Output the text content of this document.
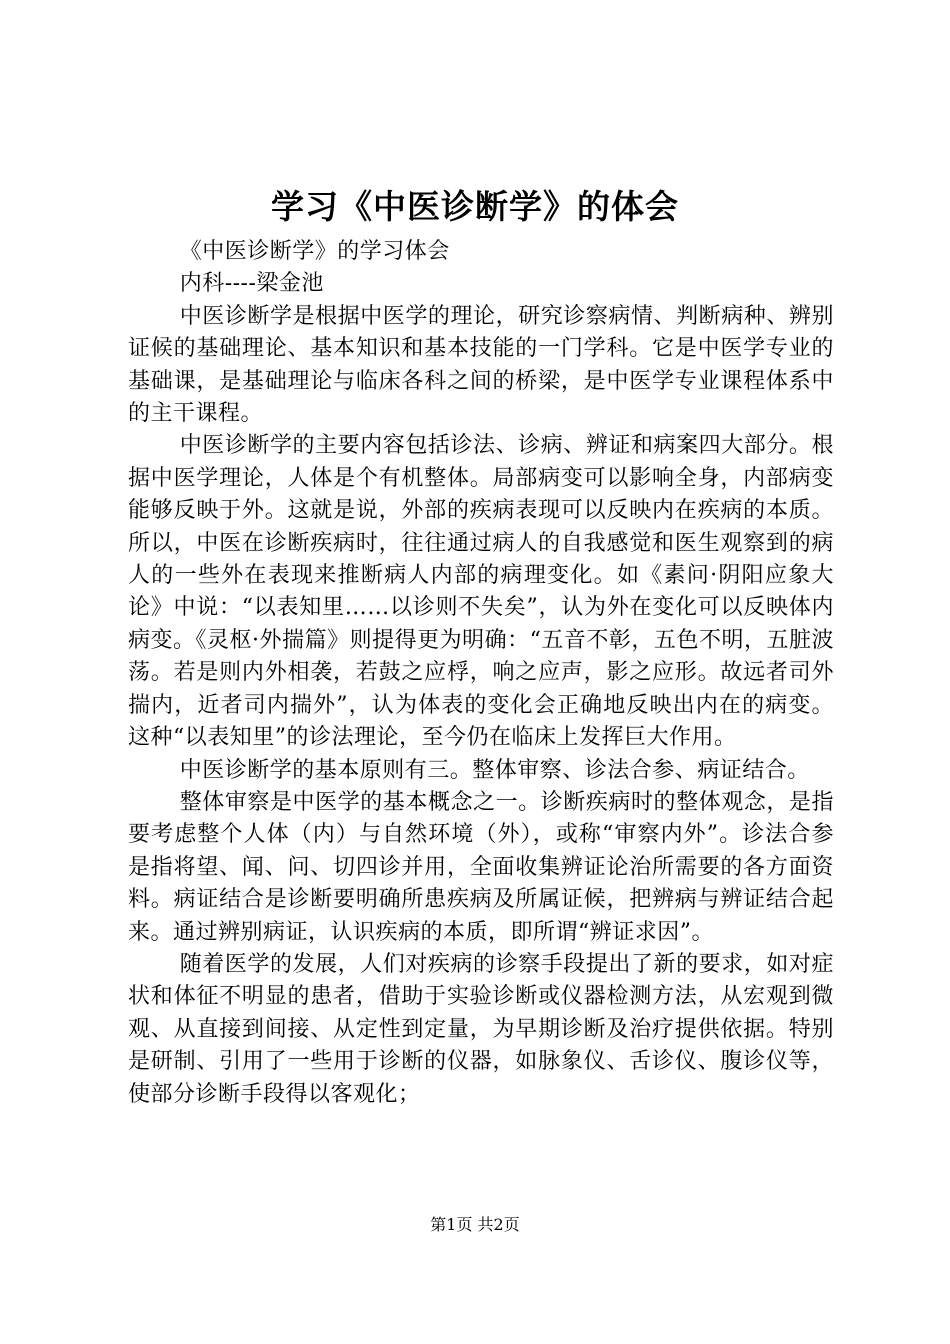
学习《中医诊断学》的体会

《中医诊断学》的学习体会

内科----梁金池

中医诊断学是根据中医学的理论，研究诊察病情、判断病种、辨别证候的基础理论、基本知识和基本技能的一门学科。它是中医学专业的基础课，是基础理论与临床各科之间的桥梁，是中医学专业课程体系中的主干课程。

中医诊断学的主要内容包括诊法、诊病、辨证和病案四大部分。根据中医学理论，人体是个有机整体。局部病变可以影响全身，内部病变能够反映于外。这就是说，外部的疾病表现可以反映内在疾病的本质。所以，中医在诊断疾病时，往往通过病人的自我感觉和医生观察到的病人的一些外在表现来推断病人内部的病理变化。如《素问·阴阳应象大论》中说：“以表知里……以诊则不失矣”，认为外在变化可以反映体内病变。《灵枢·外揣篇》则提得更为明确：“五音不彰，五色不明，五脏波荡。若是则内外相袭，若鼓之应桴，响之应声，影之应形。故远者司外揣内，近者司内揣外”，认为体表的变化会正确地反映出内在的病变。这种“以表知里”的诊法理论，至今仍在临床上发挥巨大作用。

中医诊断学的基本原则有三。整体审察、诊法合参、病证结合。

整体审察是中医学的基本概念之一。诊断疾病时的整体观念，是指要考虑整个人体（内）与自然环境（外），或称“审察内外”。诊法合参是指将望、闻、问、切四诊并用，全面收集辨证论治所需要的各方面资料。病证结合是诊断要明确所患疾病及所属证候，把辨病与辨证结合起来。通过辨别病证，认识疾病的本质，即所谓“辨证求因”。

随着医学的发展，人们对疾病的诊察手段提出了新的要求，如对症状和体征不明显的患者，借助于实验诊断或仪器检测方法，从宏观到微观、从直接到间接、从定性到定量，为早期诊断及治疗提供依据。特别是研制、引用了一些用于诊断的仪器，如脉象仪、舌诊仪、腹诊仪等，使部分诊断手段得以客观化；

第1页 共2页
